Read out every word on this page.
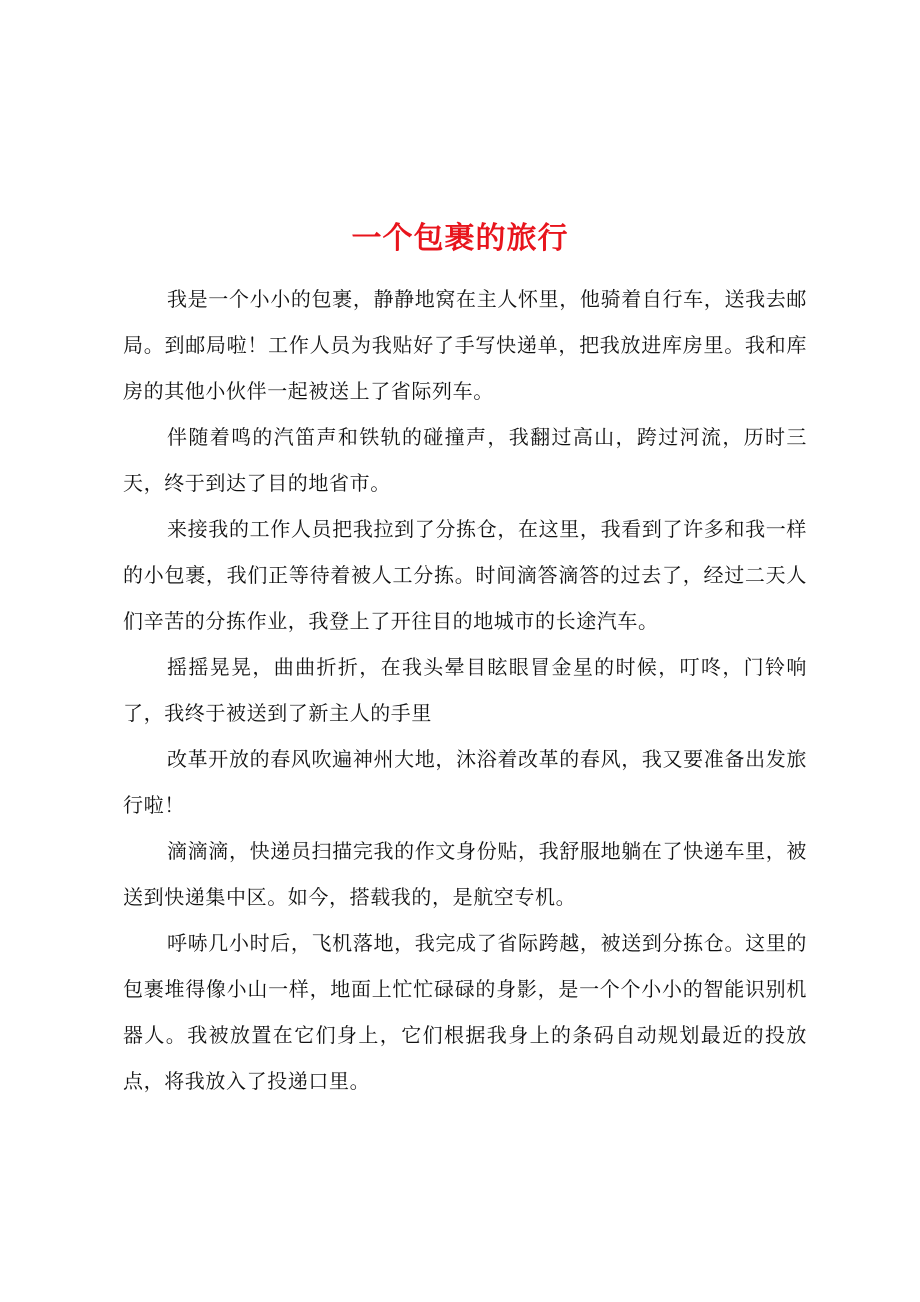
一个包裹的旅行

我是一个小小的包裹，静静地窝在主人怀里，他骑着自行车，送我去邮局。到邮局啦！工作人员为我贴好了手写快递单，把我放进库房里。我和库房的其他小伙伴一起被送上了省际列车。

伴随着鸣的汽笛声和铁轨的碰撞声，我翻过高山，跨过河流，历时三天，终于到达了目的地省市。

来接我的工作人员把我拉到了分拣仓，在这里，我看到了许多和我一样的小包裹，我们正等待着被人工分拣。时间滴答滴答的过去了，经过二天人们辛苦的分拣作业，我登上了开往目的地城市的长途汽车。

摇摇晃晃，曲曲折折，在我头晕目眩眼冒金星的时候，叮咚，门铃响了，我终于被送到了新主人的手里

改革开放的春风吹遍神州大地，沐浴着改革的春风，我又要准备出发旅行啦！

滴滴滴，快递员扫描完我的作文身份贴，我舒服地躺在了快递车里，被送到快递集中区。如今，搭载我的，是航空专机。

呼哧几小时后，飞机落地，我完成了省际跨越，被送到分拣仓。这里的包裹堆得像小山一样，地面上忙忙碌碌的身影，是一个个小小的智能识别机器人。我被放置在它们身上，它们根据我身上的条码自动规划最近的投放点，将我放入了投递口里。
